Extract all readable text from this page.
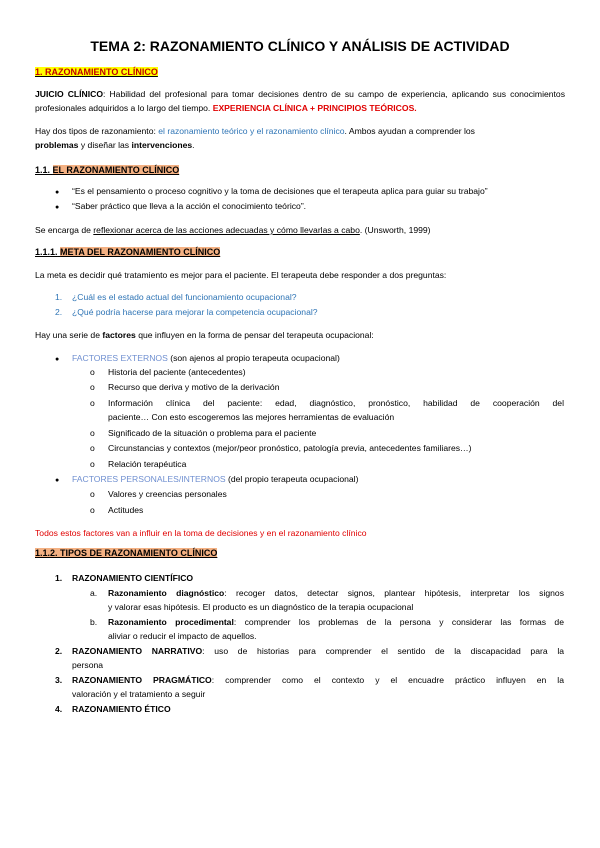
TEMA 2: RAZONAMIENTO CLÍNICO Y ANÁLISIS DE ACTIVIDAD
1. RAZONAMIENTO CLÍNICO
JUICIO CLÍNICO: Habilidad del profesional para tomar decisiones dentro de su campo de experiencia, aplicando sus conocimientos profesionales adquiridos a lo largo del tiempo. EXPERIENCIA CLÍNICA + PRINCIPIOS TEÓRICOS.
Hay dos tipos de razonamiento: el razonamiento teórico y el razonamiento clínico. Ambos ayudan a comprender los
problemas y diseñar las intervenciones.
1.1. EL RAZONAMIENTO CLÍNICO
● “Es el pensamiento o proceso cognitivo y la toma de decisiones que el terapeuta aplica para guiar su trabajo”
● “Saber práctico que lleva a la acción el conocimiento teórico”.
Se encarga de reflexionar acerca de las acciones adecuadas y cómo llevarlas a cabo. (Unsworth, 1999)
1.1.1. META DEL RAZONAMIENTO CLÍNICO
La meta es decidir qué tratamiento es mejor para el paciente. El terapeuta debe responder a dos preguntas:
1. ¿Cuál es el estado actual del funcionamiento ocupacional?
2. ¿Qué podría hacerse para mejorar la competencia ocupacional?
Hay una serie de factores que influyen en la forma de pensar del terapeuta ocupacional:
● FACTORES EXTERNOS (son ajenos al propio terapeuta ocupacional)
o Historia del paciente (antecedentes)
o Recurso que deriva y motivo de la derivación
o Información clínica del paciente: edad, diagnóstico, pronóstico, habilidad de cooperación del
paciente… Con esto escogeremos las mejores herramientas de evaluación
o Significado de la situación o problema para el paciente
o Circunstancias y contextos (mejor/peor pronóstico, patología previa, antecedentes familiares…)
o Relación terapéutica
● FACTORES PERSONALES/INTERNOS (del propio terapeuta ocupacional)
o Valores y creencias personales
o Actitudes
Todos estos factores van a influir en la toma de decisiones y en el razonamiento clínico
1.1.2. TIPOS DE RAZONAMIENTO CLÍNICO
1. RAZONAMIENTO CIENTÍFICO
a. Razonamiento diagnóstico: recoger datos, detectar signos, plantear hipótesis, interpretar los signos
y valorar esas hipótesis. El producto es un diagnóstico de la terapia ocupacional
b. Razonamiento procedimental: comprender los problemas de la persona y considerar las formas de
aliviar o reducir el impacto de aquellos.
2. RAZONAMIENTO NARRATIVO: uso de historias para comprender el sentido de la discapacidad para la
persona
3. RAZONAMIENTO PRAGMÁTICO: comprender como el contexto y el encuadre práctico influyen en la
valoración y el tratamiento a seguir
4. RAZONAMIENTO ÉTICO
